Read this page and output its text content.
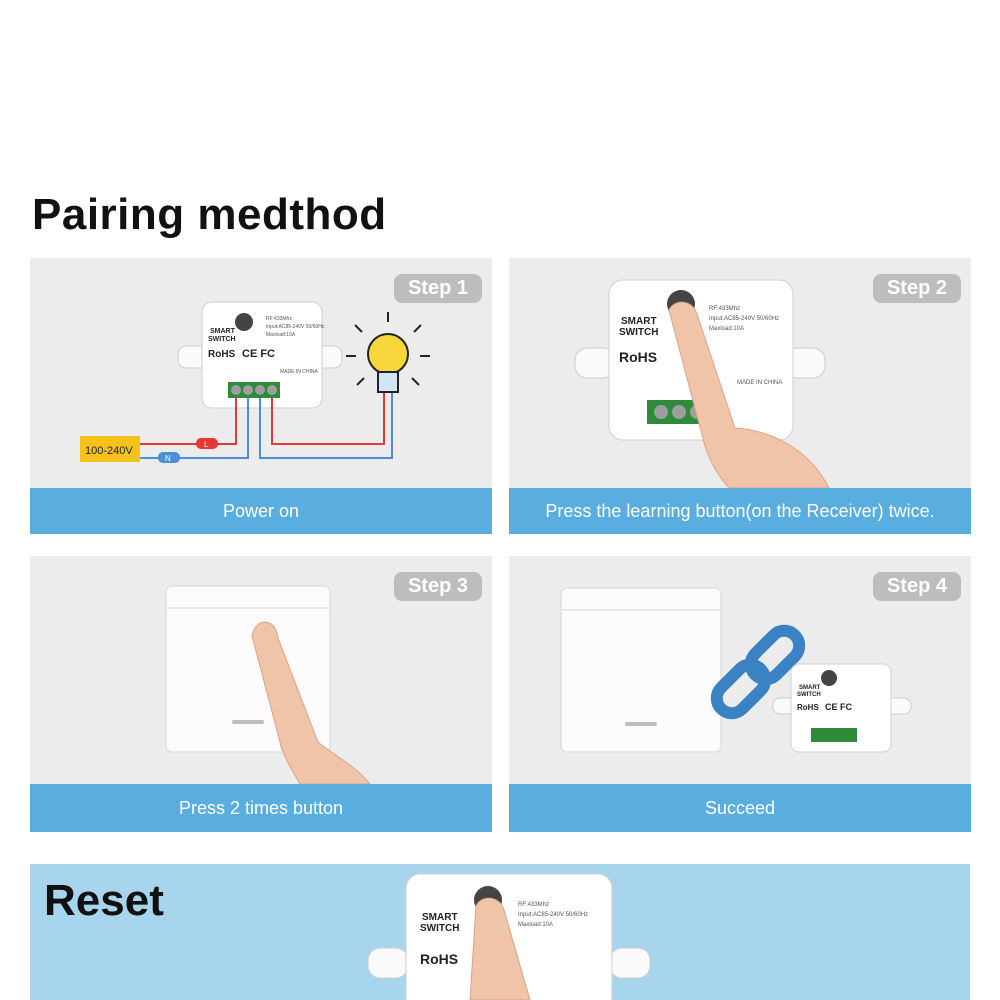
Pairing medthod
SMART
SWITCH
RoHS CE FC
RF:433Mhz
Input:AC85-240V 50/60Hz
Maxload:10A
MADE IN CHINA
100-240V
L
N
Step 1
Power on
SMART
SWITCH
RoHS
RF:433Mhz
Input:AC85-240V 50/60Hz
Maxload:10A
MADE IN CHINA
Step 2
Press the learning button(on the Receiver) twice.
Step 3
Press 2 times button
SMART
SWITCH
RoHS CE FC
Step 4
Succeed
Reset	SMART
SWITCH
RoHS
RF:433Mhz
Input:AC85-240V 50/60Hz
Maxload:10A
